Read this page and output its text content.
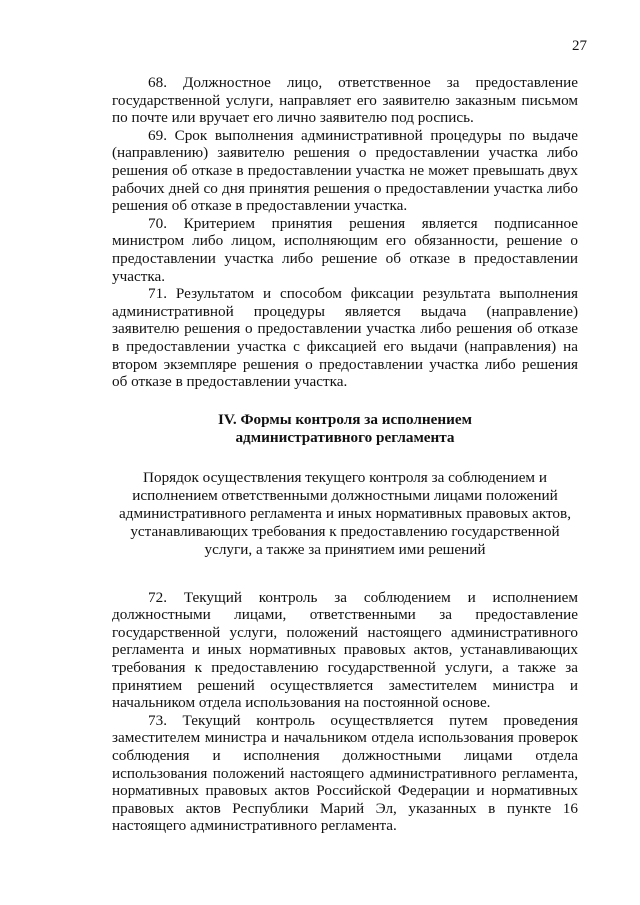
27

68. Должностное лицо, ответственное за предоставление государственной услуги, направляет его заявителю заказным письмом по почте или вручает его лично заявителю под роспись.

69. Срок выполнения административной процедуры по выдаче (направлению) заявителю решения о предоставлении участка либо решения об отказе в предоставлении участка не может превышать двух рабочих дней со дня принятия решения о предоставлении участка либо решения об отказе в предоставлении участка.

70. Критерием принятия решения является подписанное министром либо лицом, исполняющим его обязанности, решение о предоставлении участка либо решение об отказе в предоставлении участка.

71. Результатом и способом фиксации результата выполнения административной процедуры является выдача (направление) заявителю решения о предоставлении участка либо решения об отказе в предоставлении участка с фиксацией его выдачи (направления) на втором экземпляре решения о предоставлении участка либо решения об отказе в предоставлении участка.

IV. Формы контроля за исполнением
административного регламента
Порядок осуществления текущего контроля за соблюдением и
исполнением ответственными должностными лицами положений
административного регламента и иных нормативных правовых актов,
устанавливающих требования к предоставлению государственной
услуги, а также за принятием ими решений

72. Текущий контроль за соблюдением и исполнением должностными лицами, ответственными за предоставление государственной услуги, положений настоящего административного регламента и иных нормативных правовых актов, устанавливающих требования к предоставлению государственной услуги, а также за принятием решений осуществляется заместителем министра и начальником отдела использования на постоянной основе.

73. Текущий контроль осуществляется путем проведения заместителем министра и начальником отдела использования проверок соблюдения и исполнения должностными лицами отдела использования положений настоящего административного регламента, нормативных правовых актов Российской Федерации и нормативных правовых актов Республики Марий Эл, указанных в пункте 16 настоящего административного регламента.
